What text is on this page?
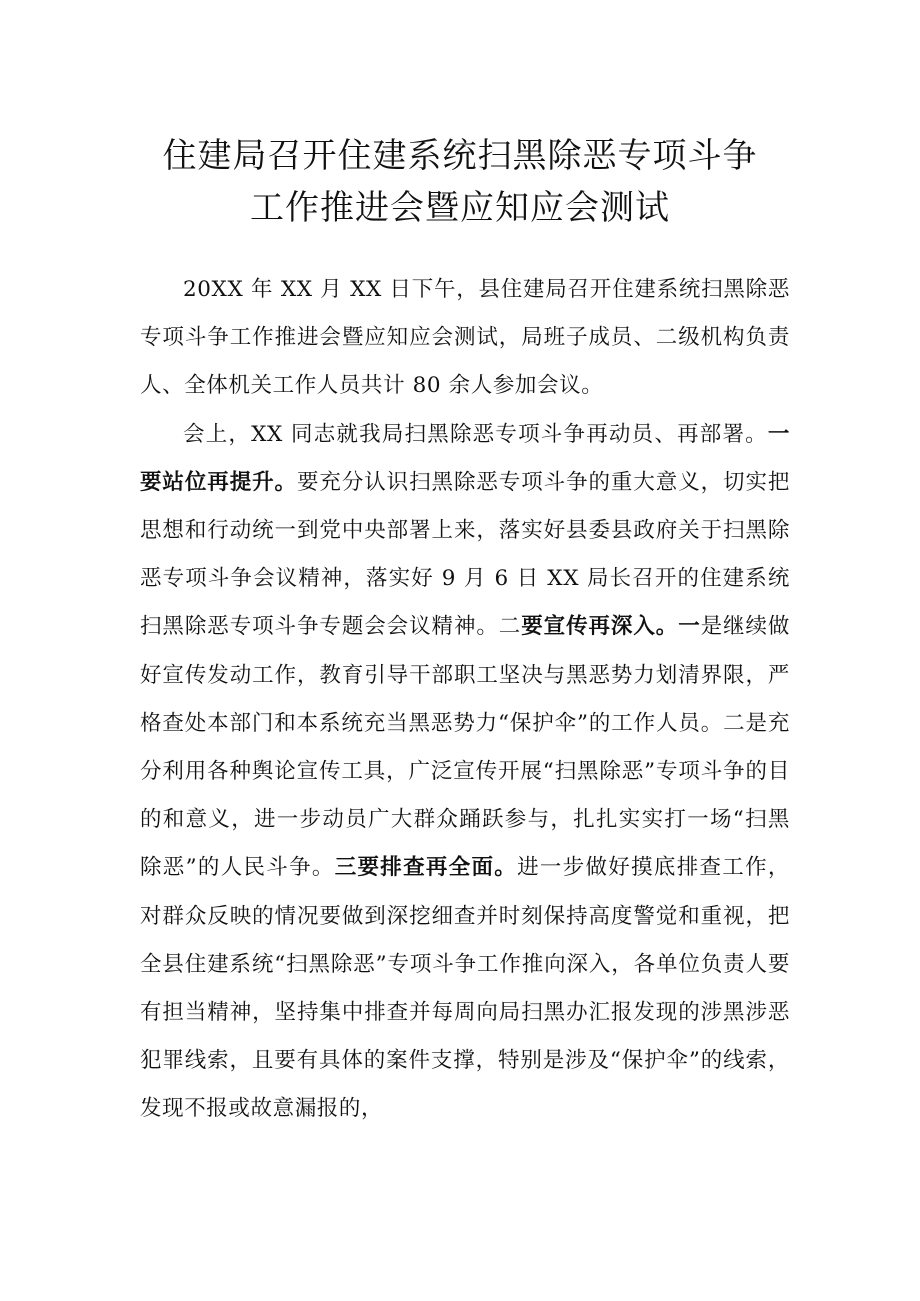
住建局召开住建系统扫黑除恶专项斗争
工作推进会暨应知应会测试

20XX 年 XX 月 XX 日下午，县住建局召开住建系统扫黑除恶专项斗争工作推进会暨应知应会测试，局班子成员、二级机构负责人、全体机关工作人员共计 80 余人参加会议。

会上，XX 同志就我局扫黑除恶专项斗争再动员、再部署。一要站位再提升。要充分认识扫黑除恶专项斗争的重大意义，切实把思想和行动统一到党中央部署上来，落实好县委县政府关于扫黑除恶专项斗争会议精神，落实好 9 月 6 日 XX 局长召开的住建系统扫黑除恶专项斗争专题会会议精神。二要宣传再深入。一是继续做好宣传发动工作，教育引导干部职工坚决与黑恶势力划清界限，严格查处本部门和本系统充当黑恶势力“保护伞”的工作人员。二是充分利用各种舆论宣传工具，广泛宣传开展“扫黑除恶”专项斗争的目的和意义，进一步动员广大群众踊跃参与，扎扎实实打一场“扫黑除恶”的人民斗争。三要排查再全面。进一步做好摸底排查工作，对群众反映的情况要做到深挖细查并时刻保持高度警觉和重视，把全县住建系统“扫黑除恶”专项斗争工作推向深入，各单位负责人要有担当精神，坚持集中排查并每周向局扫黑办汇报发现的涉黑涉恶犯罪线索，且要有具体的案件支撑，特别是涉及“保护伞”的线索，发现不报或故意漏报的，
